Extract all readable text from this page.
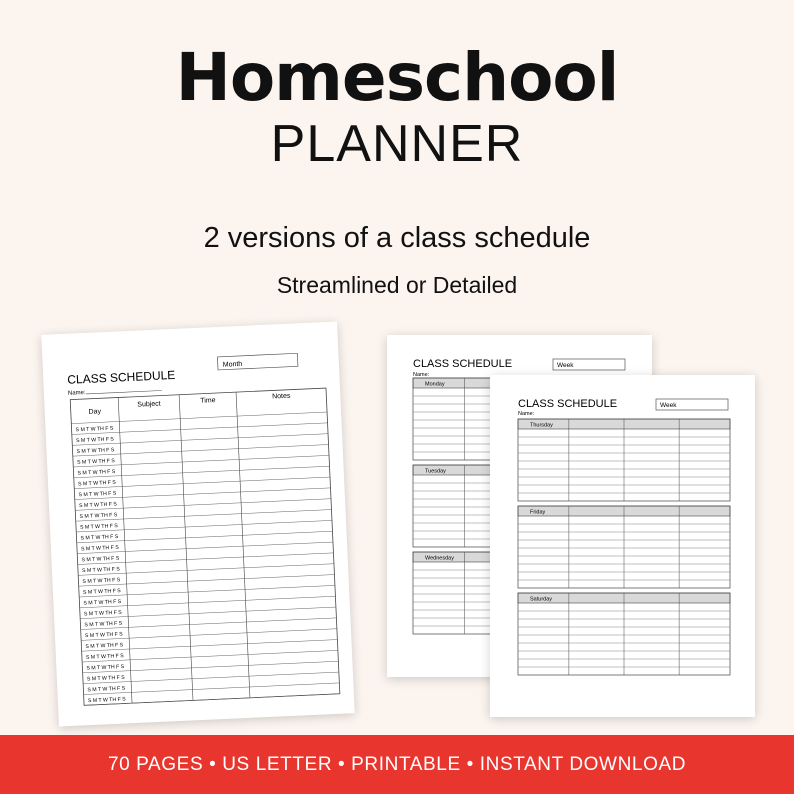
Homeschool
PLANNER
2 versions of a class schedule
Streamlined or Detailed
CLASS SCHEDULE
Name:
Month
Day
Subject	Time
Notes
S M T W TH F S
S M T W TH F S
S M T W TH F S
S M T W TH F S
S M T W TH F S
S M T W TH F S
S M T W TH F S
S M T W TH F S
S M T W TH F S
S M T W TH F S
S M T W TH F S
S M T W TH F S
S M T W TH F S
S M T W TH F S
S M T W TH F S
S M T W TH F S
S M T W TH F S
S M T W TH F S
S M T W TH F S
S M T W TH F S
S M T W TH F S
S M T W TH F S
S M T W TH F S
S M T W TH F S
S M T W TH F S
S M T W TH F S
CLASS SCHEDULE
Name:
Week
Monday
Tuesday
Wednesday
CLASS SCHEDULE
Name:
Week
Thursday
Friday
Saturday
70 PAGES • US LETTER • PRINTABLE • INSTANT DOWNLOAD
